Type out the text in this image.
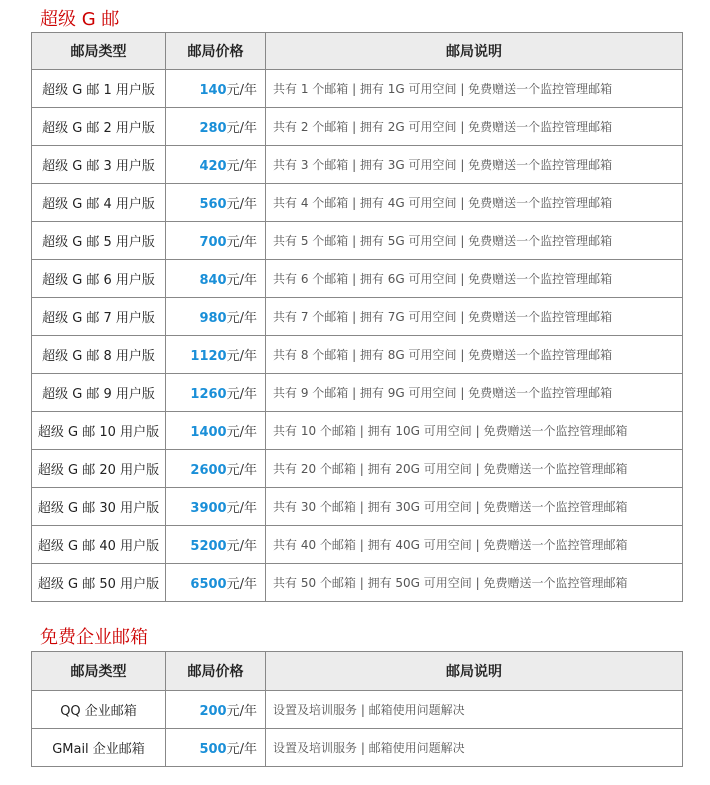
超级 G 邮
邮局类型	邮局价格	邮局说明
超级 G 邮 1 用户版	140元/年	共有 1 个邮箱 | 拥有 1G 可用空间 | 免费赠送一个监控管理邮箱
超级 G 邮 2 用户版	280元/年	共有 2 个邮箱 | 拥有 2G 可用空间 | 免费赠送一个监控管理邮箱
超级 G 邮 3 用户版	420元/年	共有 3 个邮箱 | 拥有 3G 可用空间 | 免费赠送一个监控管理邮箱
超级 G 邮 4 用户版	560元/年	共有 4 个邮箱 | 拥有 4G 可用空间 | 免费赠送一个监控管理邮箱
超级 G 邮 5 用户版	700元/年	共有 5 个邮箱 | 拥有 5G 可用空间 | 免费赠送一个监控管理邮箱
超级 G 邮 6 用户版	840元/年	共有 6 个邮箱 | 拥有 6G 可用空间 | 免费赠送一个监控管理邮箱
超级 G 邮 7 用户版	980元/年	共有 7 个邮箱 | 拥有 7G 可用空间 | 免费赠送一个监控管理邮箱
超级 G 邮 8 用户版	1120元/年	共有 8 个邮箱 | 拥有 8G 可用空间 | 免费赠送一个监控管理邮箱
超级 G 邮 9 用户版	1260元/年	共有 9 个邮箱 | 拥有 9G 可用空间 | 免费赠送一个监控管理邮箱
超级 G 邮 10 用户版	1400元/年	共有 10 个邮箱 | 拥有 10G 可用空间 | 免费赠送一个监控管理邮箱
超级 G 邮 20 用户版	2600元/年	共有 20 个邮箱 | 拥有 20G 可用空间 | 免费赠送一个监控管理邮箱
超级 G 邮 30 用户版	3900元/年	共有 30 个邮箱 | 拥有 30G 可用空间 | 免费赠送一个监控管理邮箱
超级 G 邮 40 用户版	5200元/年	共有 40 个邮箱 | 拥有 40G 可用空间 | 免费赠送一个监控管理邮箱
超级 G 邮 50 用户版	6500元/年	共有 50 个邮箱 | 拥有 50G 可用空间 | 免费赠送一个监控管理邮箱
免费企业邮箱
邮局类型	邮局价格	邮局说明
QQ 企业邮箱	200元/年	设置及培训服务 | 邮箱使用问题解决
GMail 企业邮箱	500元/年	设置及培训服务 | 邮箱使用问题解决
